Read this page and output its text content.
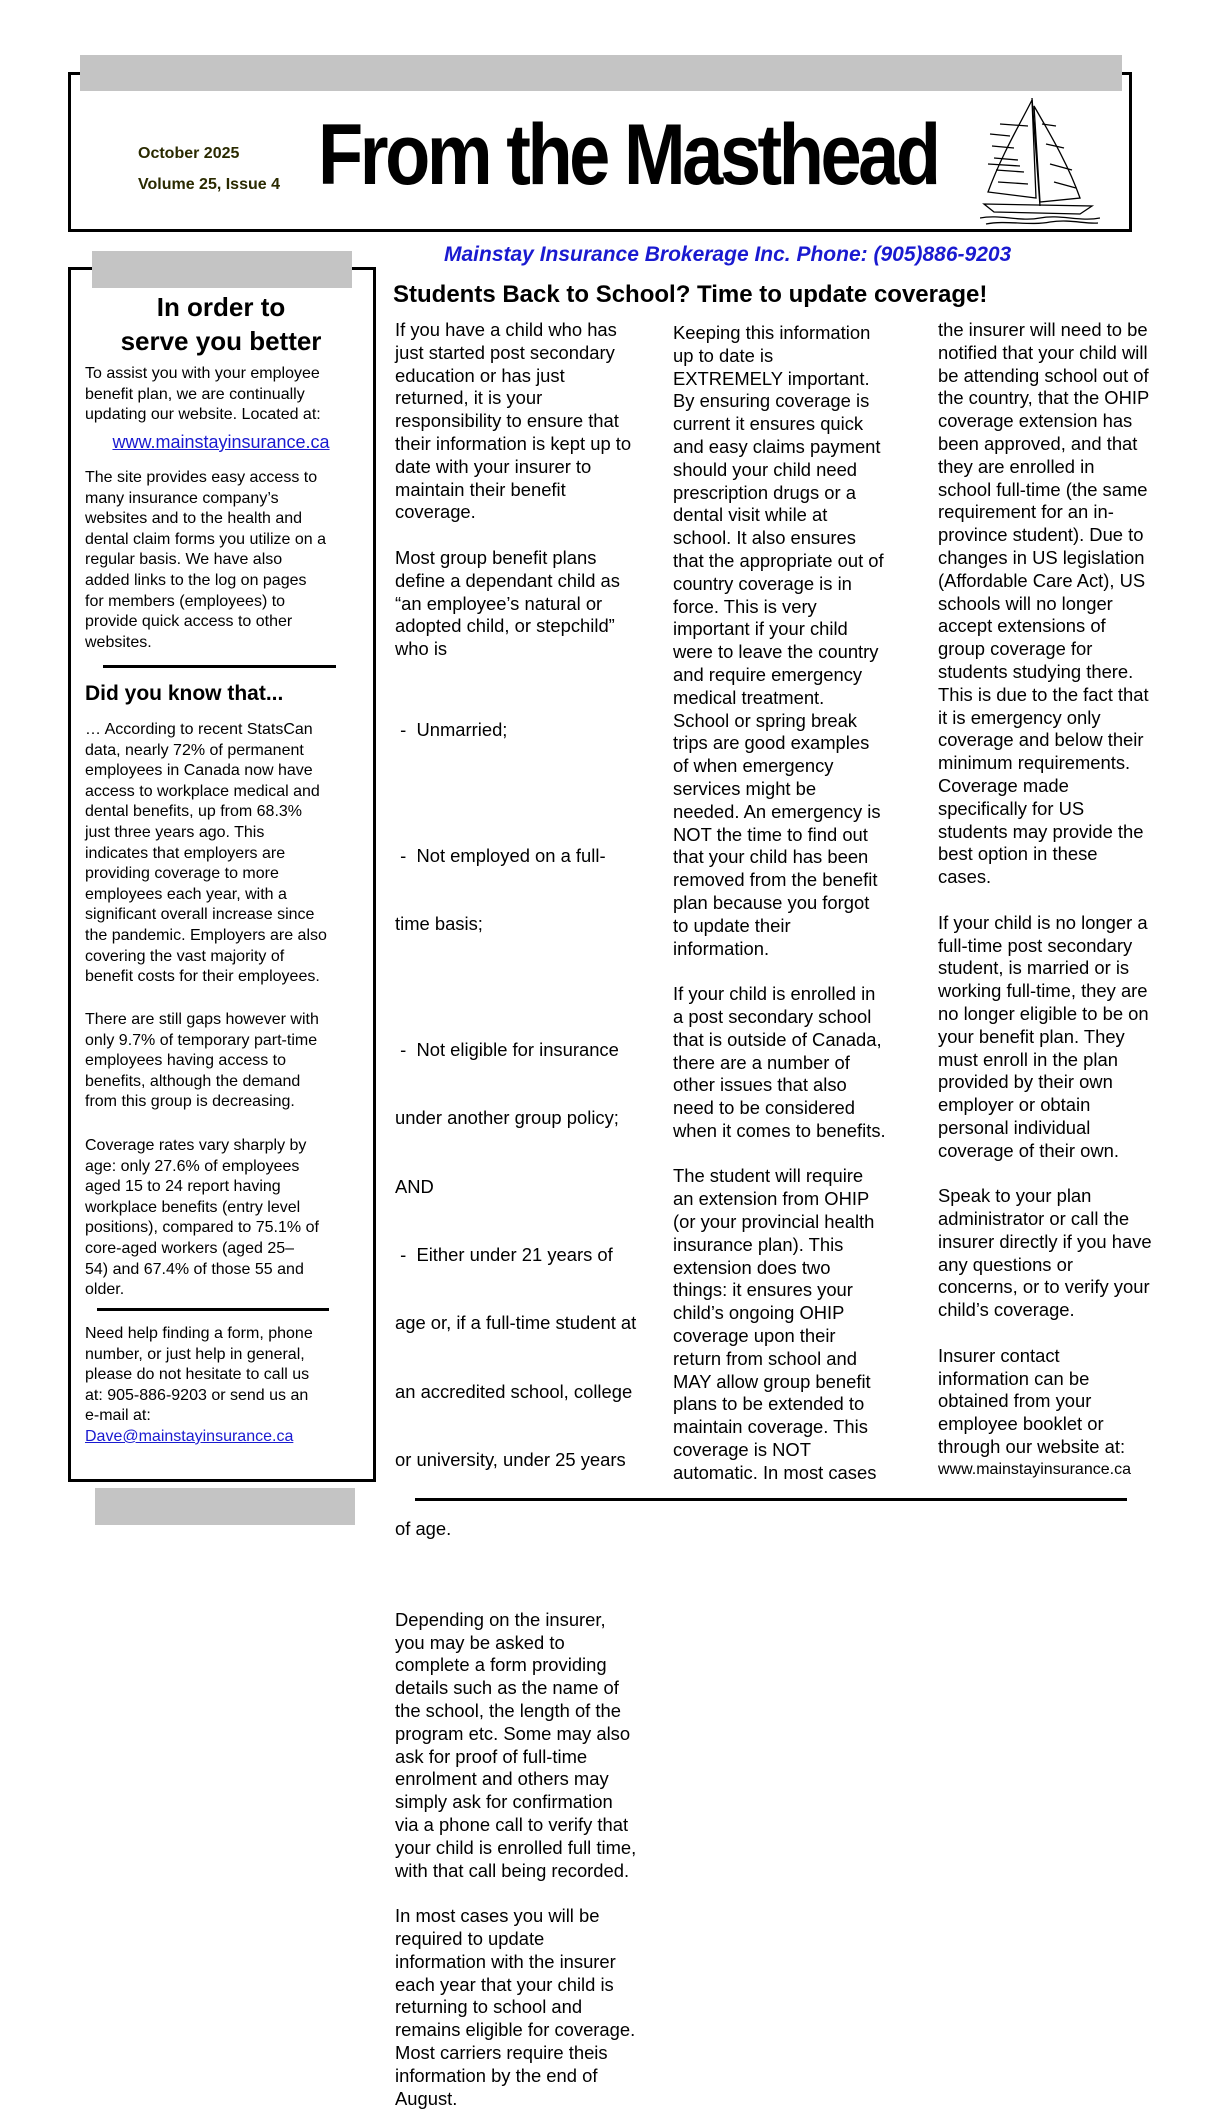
October 2025
Volume 25, Issue 4 From the Masthead
Mainstay Insurance Brokerage Inc. Phone: (905)886-9203
In order to
serve you better
To assist you with your employee
benefit plan, we are continually
updating our website. Located at:
www.mainstayinsurance.ca
The site provides easy access to
many insurance company’s
websites and to the health and
dental claim forms you utilize on a
regular basis. We have also
added links to the log on pages
for members (employees) to
provide quick access to other
websites.
Did you know that...
… According to recent StatsCan
data, nearly 72% of permanent
employees in Canada now have
access to workplace medical and
dental benefits, up from 68.3%
just three years ago. This
indicates that employers are
providing coverage to more
employees each year, with a
significant overall increase since
the pandemic. Employers are also
covering the vast majority of
benefit costs for their employees.
There are still gaps however with
only 9.7% of temporary part-time
employees having access to
benefits, although the demand
from this group is decreasing.
Coverage rates vary sharply by
age: only 27.6% of employees
aged 15 to 24 report having
workplace benefits (entry level
positions), compared to 75.1% of
core-aged workers (aged 25–
54) and 67.4% of those 55 and
older.
Need help finding a form, phone
number, or just help in general,
please do not hesitate to call us
at: 905-886-9203 or send us an
e-mail at:
Dave@mainstayinsurance.ca
Students Back to School? Time to update coverage!
If you have a child who has
just started post secondary
education or has just
returned, it is your
responsibility to ensure that
their information is kept up to
date with your insurer to
maintain their benefit
coverage.
Most group benefit plans
define a dependant child as
“an employee’s natural or
adopted child, or stepchild”
who is

-  Unmarried;

-  Not employed on a full-

time basis;

-  Not eligible for insurance

under another group policy;

AND

-  Either under 21 years of

age or, if a full-time student at

an accredited school, college

or university, under 25 years

of age.

Depending on the insurer,
you may be asked to
complete a form providing
details such as the name of
the school, the length of the
program etc. Some may also
ask for proof of full-time
enrolment and others may
simply ask for confirmation
via a phone call to verify that
your child is enrolled full time,
with that call being recorded.
In most cases you will be
required to update
information with the insurer
each year that your child is
returning to school and
remains eligible for coverage.
Most carriers require theis
information by the end of
August.
Keeping this information
up to date is
EXTREMELY important.
By ensuring coverage is
current it ensures quick
and easy claims payment
should your child need
prescription drugs or a
dental visit while at
school. It also ensures
that the appropriate out of
country coverage is in
force. This is very
important if your child
were to leave the country
and require emergency
medical treatment.
School or spring break
trips are good examples
of when emergency
services might be
needed. An emergency is
NOT the time to find out
that your child has been
removed from the benefit
plan because you forgot
to update their
information.
If your child is enrolled in
a post secondary school
that is outside of Canada,
there are a number of
other issues that also
need to be considered
when it comes to benefits.
The student will require
an extension from OHIP
(or your provincial health
insurance plan). This
extension does two
things: it ensures your
child’s ongoing OHIP
coverage upon their
return from school and
MAY allow group benefit
plans to be extended to
maintain coverage. This
coverage is NOT
automatic. In most cases
the insurer will need to be
notified that your child will
be attending school out of
the country, that the OHIP
coverage extension has
been approved, and that
they are enrolled in
school full-time (the same
requirement for an in-
province student). Due to
changes in US legislation
(Affordable Care Act), US
schools will no longer
accept extensions of
group coverage for
students studying there.
This is due to the fact that
it is emergency only
coverage and below their
minimum requirements.
Coverage made
specifically for US
students may provide the
best option in these
cases.
If your child is no longer a
full-time post secondary
student, is married or is
working full-time, they are
no longer eligible to be on
your benefit plan. They
must enroll in the plan
provided by their own
employer or obtain
personal individual
coverage of their own.
Speak to your plan
administrator or call the
insurer directly if you have
any questions or
concerns, or to verify your
child’s coverage.
Insurer contact
information can be
obtained from your
employee booklet or
through our website at:
www.mainstayinsurance.ca
